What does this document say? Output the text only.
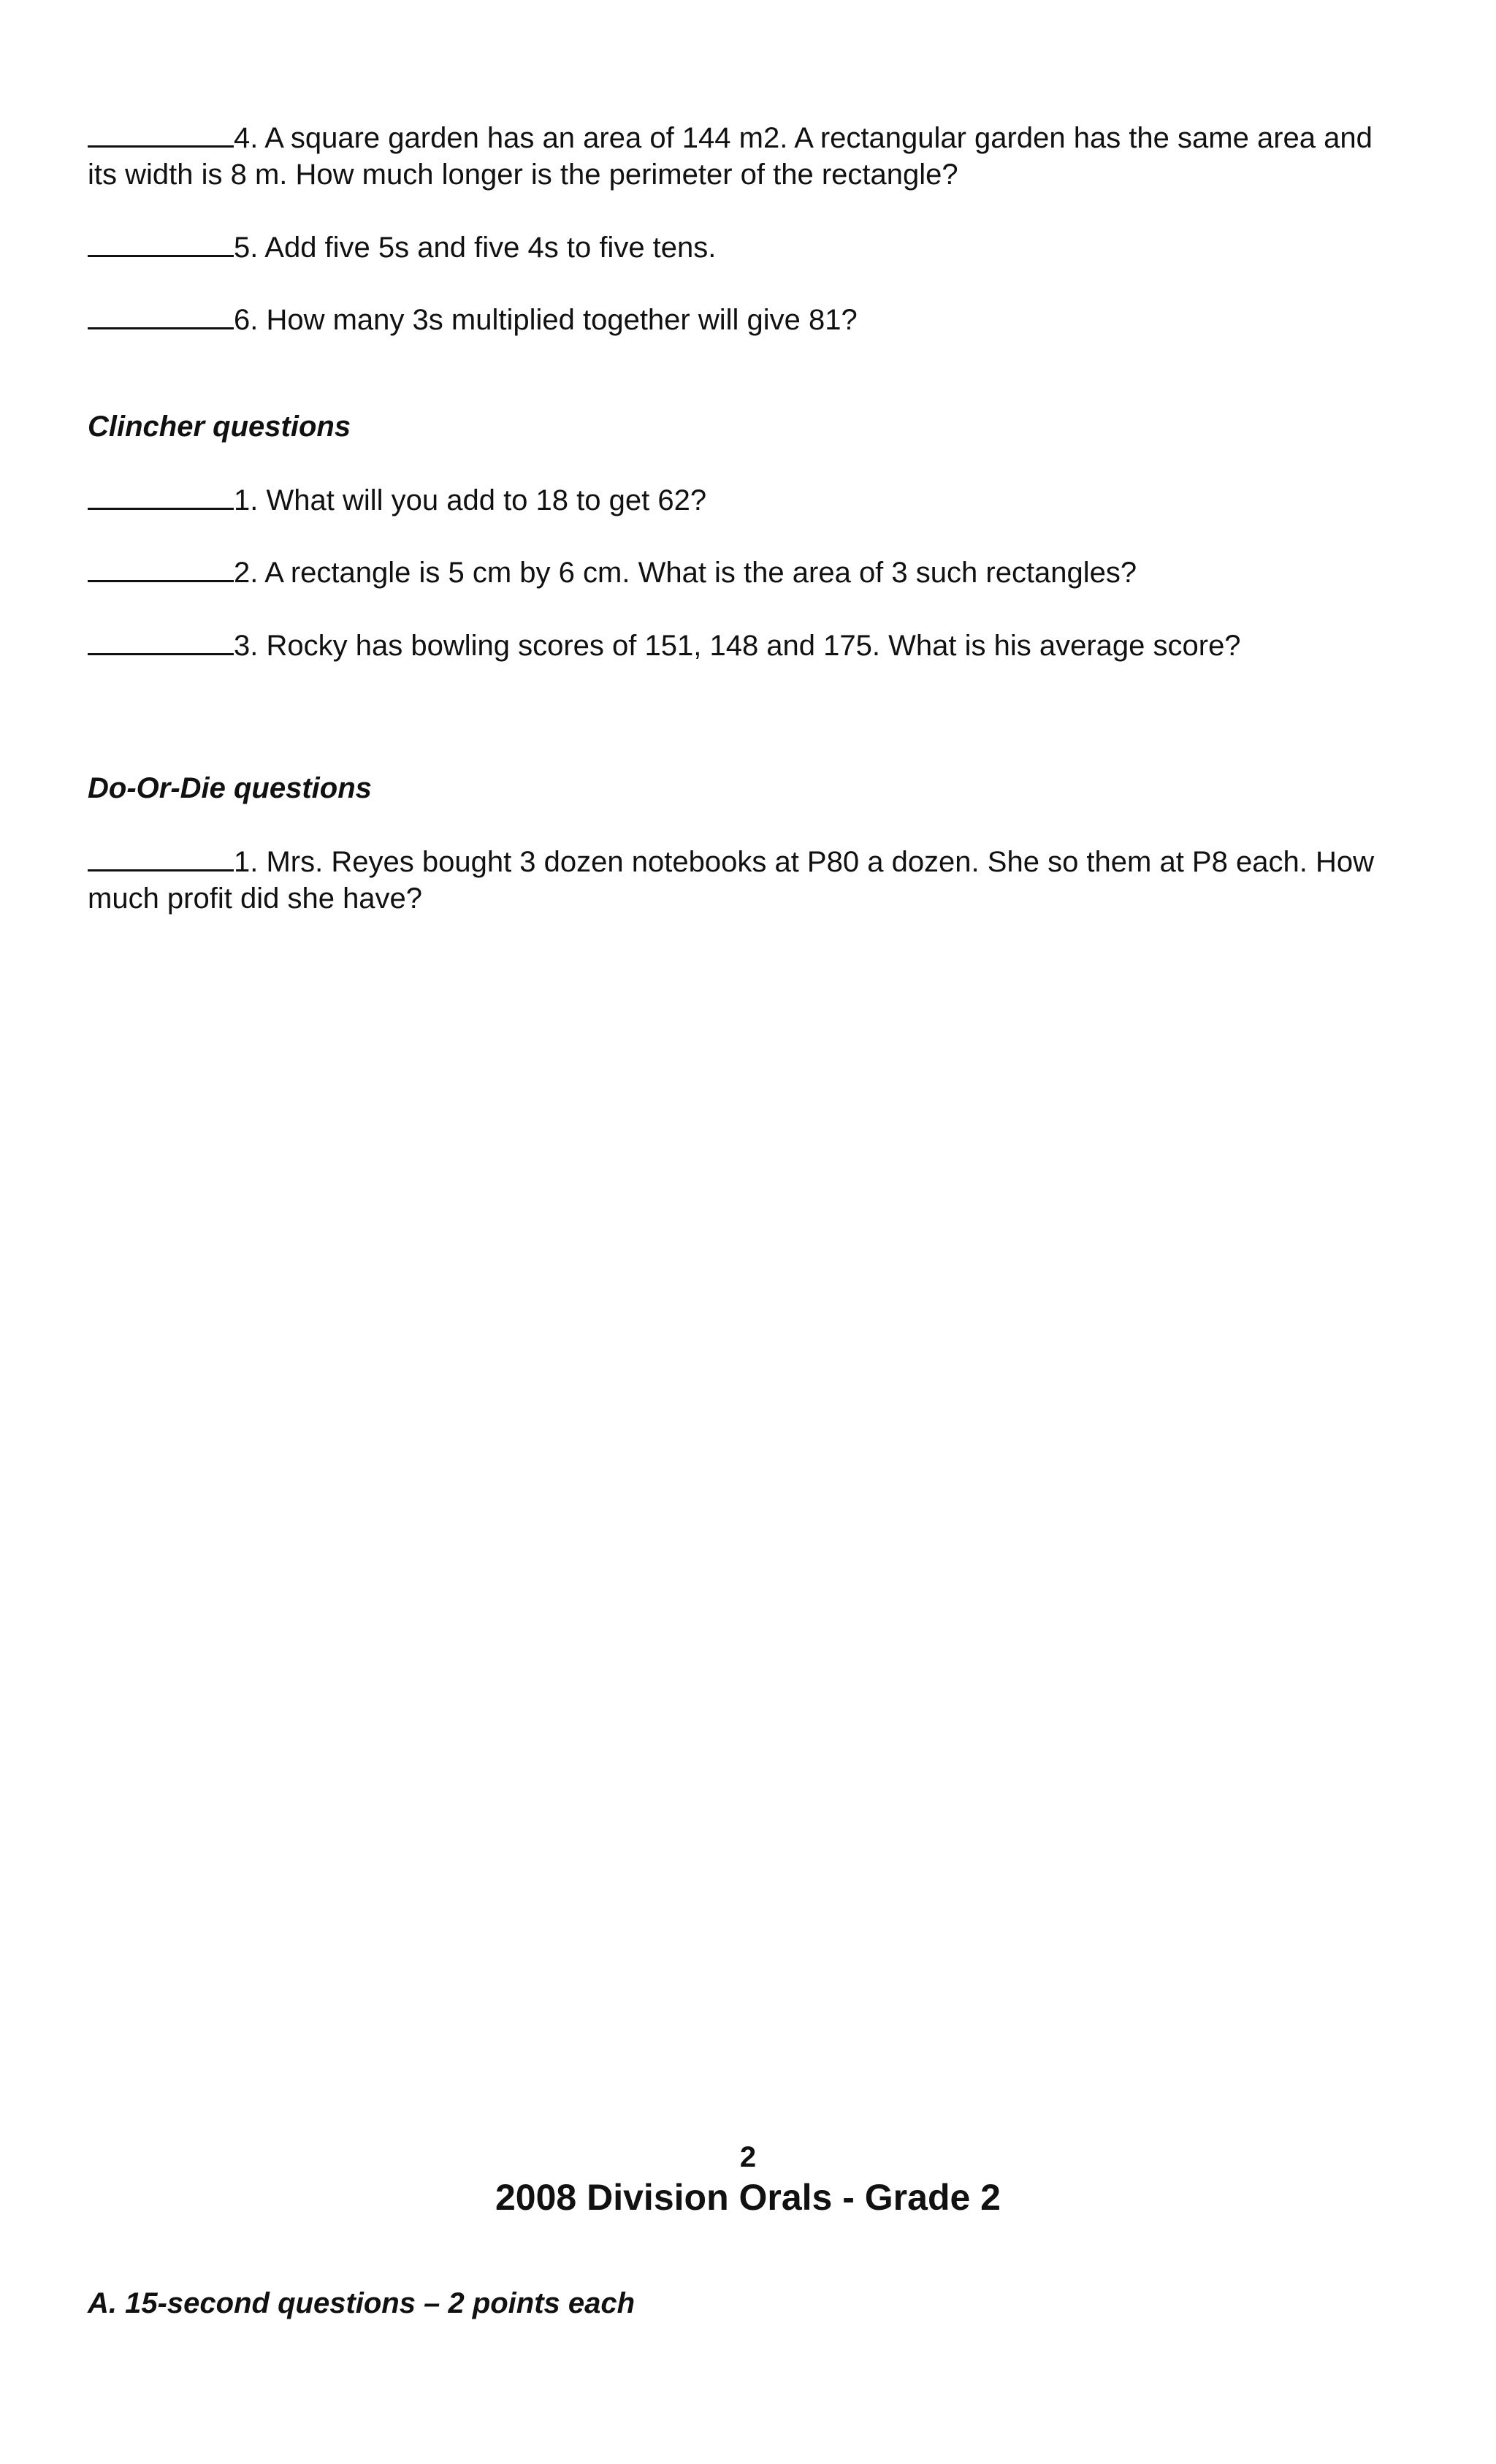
4. A square garden has an area of 144 m2. A rectangular garden has the same area and its width is 8 m. How much longer is the perimeter of the rectangle?
5. Add five 5s and five 4s to five tens.
6. How many 3s multiplied together will give 81?
Clincher questions
1. What will you add to 18 to get 62?
2. A rectangle is 5 cm by 6 cm. What is the area of 3 such rectangles?
3. Rocky has bowling scores of 151, 148 and 175. What is his average score?
Do-Or-Die questions
1. Mrs. Reyes bought 3 dozen notebooks at P80 a dozen. She so them at P8 each. How much profit did she have?
2
2008 Division Orals - Grade 2
A. 15-second questions – 2 points each
